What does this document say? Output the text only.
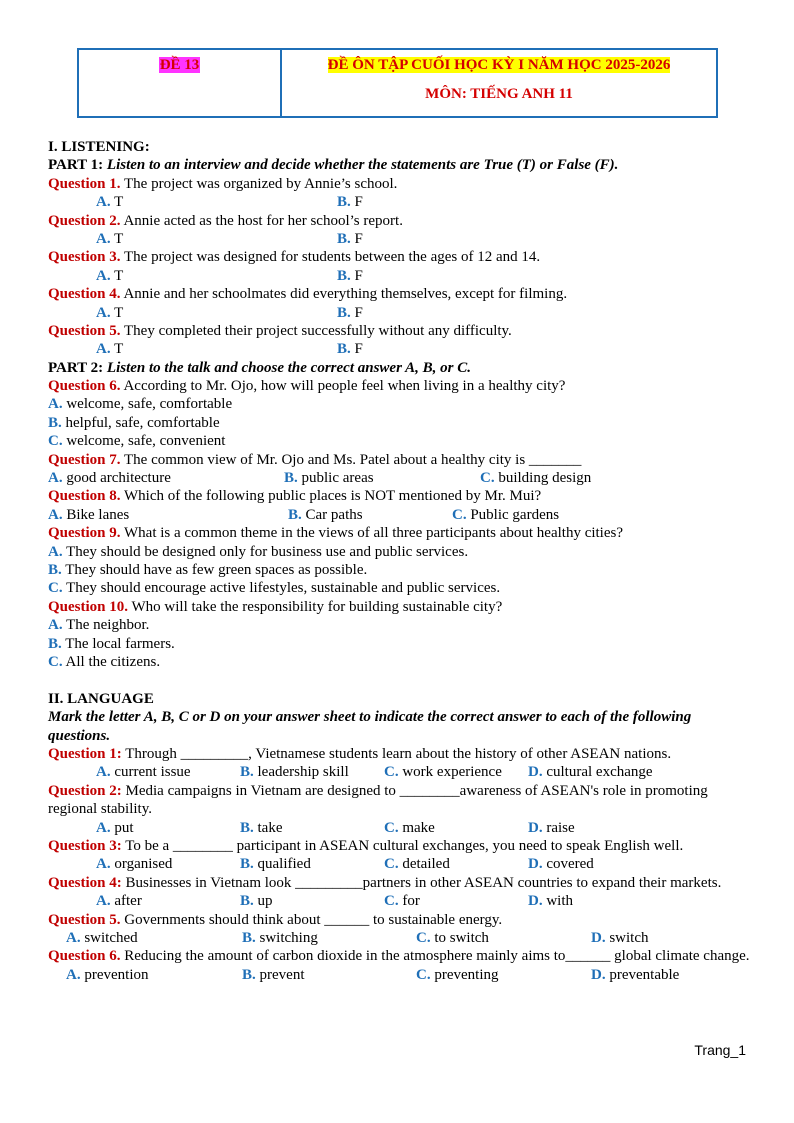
ĐỀ 13	ĐỀ ÔN TẬP CUỐI HỌC KỲ I NĂM HỌC 2025-2026
MÔN: TIẾNG ANH 11
I. LISTENING:
PART 1: Listen to an interview and decide whether the statements are True (T) or False (F).
Question 1. The project was organized by Annie’s school.
A. T	B. F
Question 2. Annie acted as the host for her school’s report.
A. T	B. F
Question 3. The project was designed for students between the ages of 12 and 14.
A. T	B. F
Question 4. Annie and her schoolmates did everything themselves, except for filming.
A. T	B. F
Question 5. They completed their project successfully without any difficulty.
A. T	B. F
PART 2: Listen to the talk and choose the correct answer A, B, or C.
Question 6. According to Mr. Ojo, how will people feel when living in a healthy city?
A. welcome, safe, comfortable
B. helpful, safe, comfortable
C. welcome, safe, convenient
Question 7. The common view of Mr. Ojo and Ms. Patel about a healthy city is _______
A. good architecture	B. public areas	C. building design
Question 8. Which of the following public places is NOT mentioned by Mr. Mui?
A. Bike lanes	B. Car paths	C. Public gardens
Question 9. What is a common theme in the views of all three participants about healthy cities?
A. They should be designed only for business use and public services.
B. They should have as few green spaces as possible.
C. They should encourage active lifestyles, sustainable and public services.
Question 10. Who will take the responsibility for building sustainable city?
A. The neighbor.
B. The local farmers.
C. All the citizens.
II. LANGUAGE
Mark the letter A, B, C or D on your answer sheet to indicate the correct answer to each of the following questions.
Question 1: Through _________, Vietnamese students learn about the history of other ASEAN nations.
A. current issue	B. leadership skill C. work experience D. cultural exchange
Question 2: Media campaigns in Vietnam are designed to ________awareness of ASEAN's role in promoting regional stability.
A. put	B. take	C. make	D. raise
Question 3: To be a ________ participant in ASEAN cultural exchanges, you need to speak English well.
A. organised	B. qualified	C. detailed	D. covered
Question 4: Businesses in Vietnam look _________partners in other ASEAN countries to expand their markets.
A. after	B. up	C. for	D. with
Question 5. Governments should think about ______ to sustainable energy.
A. switched	B. switching	C. to switch	D. switch
Question 6. Reducing the amount of carbon dioxide in the atmosphere mainly aims to______ global climate change.
A. prevention	B. prevent	C. preventing	D. preventable
Trang_1
